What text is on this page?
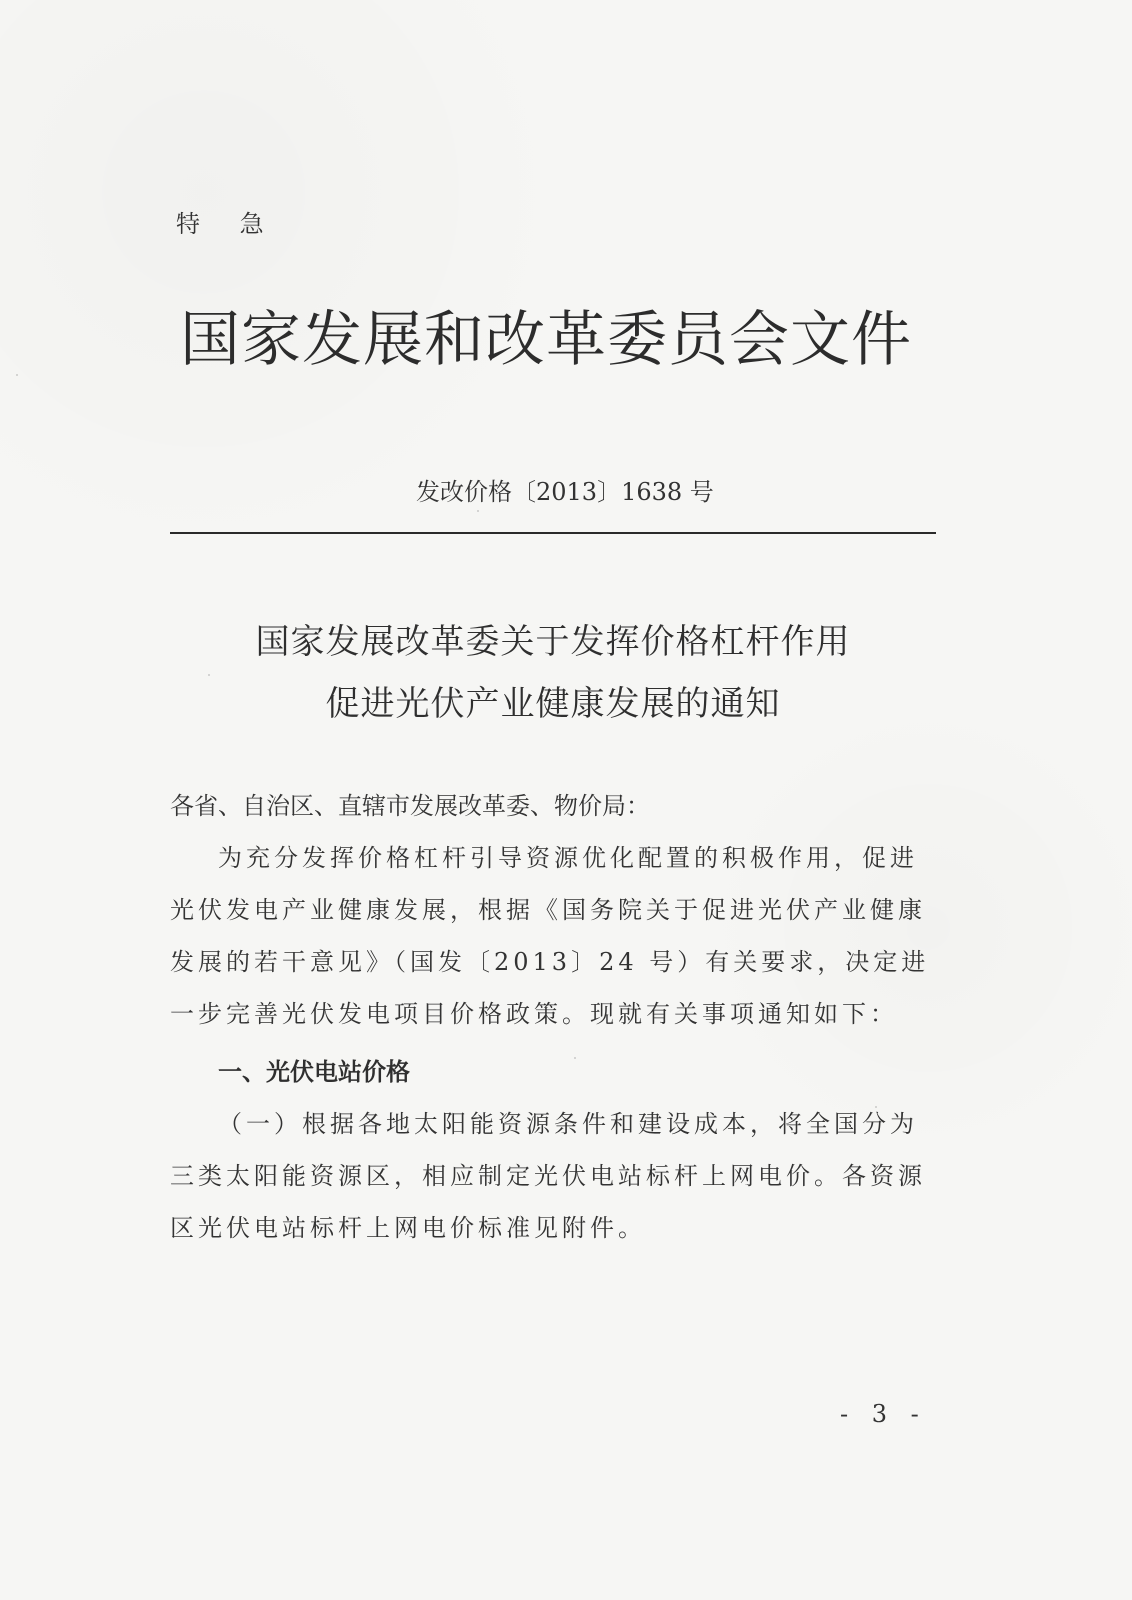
特 急
国家发展和改革委员会文件
发改价格〔2013〕1638 号
国家发展改革委关于发挥价格杠杆作用
促进光伏产业健康发展的通知
各省、自治区、直辖市发展改革委、物价局：

为充分发挥价格杠杆引导资源优化配置的积极作用，促进光伏发电产业健康发展，根据《国务院关于促进光伏产业健康发展的若干意见》（国发〔2013〕24 号）有关要求，决定进一步完善光伏发电项目价格政策。现就有关事项通知如下：

一、光伏电站价格

（一）根据各地太阳能资源条件和建设成本，将全国分为三类太阳能资源区，相应制定光伏电站标杆上网电价。各资源区光伏电站标杆上网电价标准见附件。

- 3 -
